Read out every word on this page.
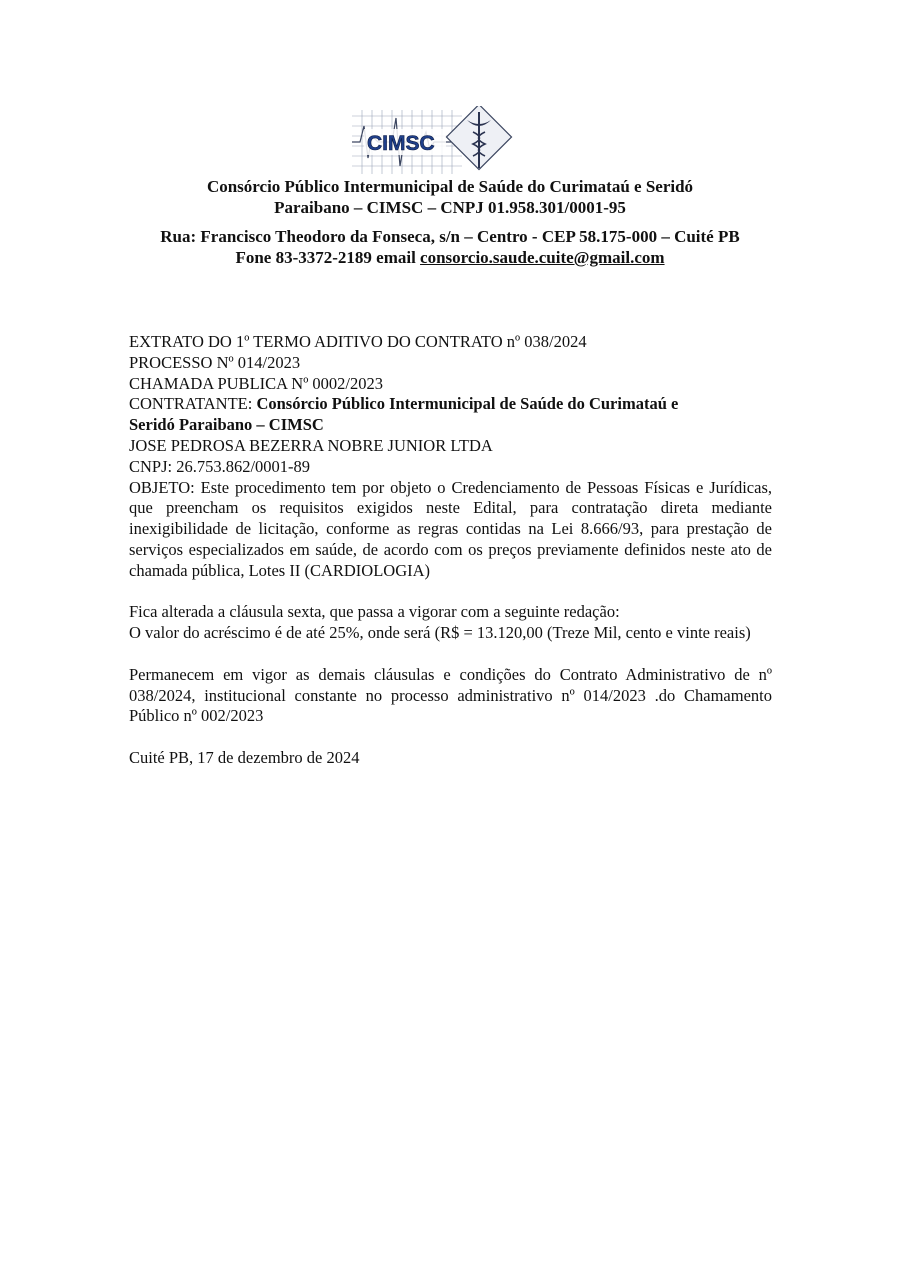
CIMSC
Consórcio Público Intermunicipal de Saúde do Curimataú e Seridó
Paraibano – CIMSC – CNPJ 01.958.301/0001-95
Rua: Francisco Theodoro da Fonseca, s/n – Centro - CEP 58.175-000 – Cuité PB
Fone 83-3372-2189 email consorcio.saude.cuite@gmail.com

EXTRATO DO 1º TERMO ADITIVO DO CONTRATO nº 038/2024

PROCESSO Nº 014/2023

CHAMADA PUBLICA Nº 0002/2023

CONTRATANTE: Consórcio Público Intermunicipal de Saúde do Curimataú e

Seridó Paraibano – CIMSC

JOSE PEDROSA BEZERRA NOBRE JUNIOR LTDA

CNPJ: 26.753.862/0001-89

OBJETO: Este procedimento tem por objeto o Credenciamento de Pessoas Físicas e Jurídicas, que preencham os requisitos exigidos neste Edital, para contratação direta mediante inexigibilidade de licitação, conforme as regras contidas na Lei 8.666/93, para prestação de serviços especializados em saúde, de acordo com os preços previamente definidos neste ato de chamada pública, Lotes II (CARDIOLOGIA)

Fica alterada a cláusula sexta, que passa a vigorar com a seguinte redação:

O valor do acréscimo é de até 25%, onde será (R$ = 13.120,00 (Treze Mil, cento e vinte reais)

Permanecem em vigor as demais cláusulas e condições do Contrato Administrativo de nº 038/2024, institucional constante no processo administrativo nº 014/2023 .do Chamamento Público nº 002/2023

Cuité PB, 17 de dezembro de 2024
